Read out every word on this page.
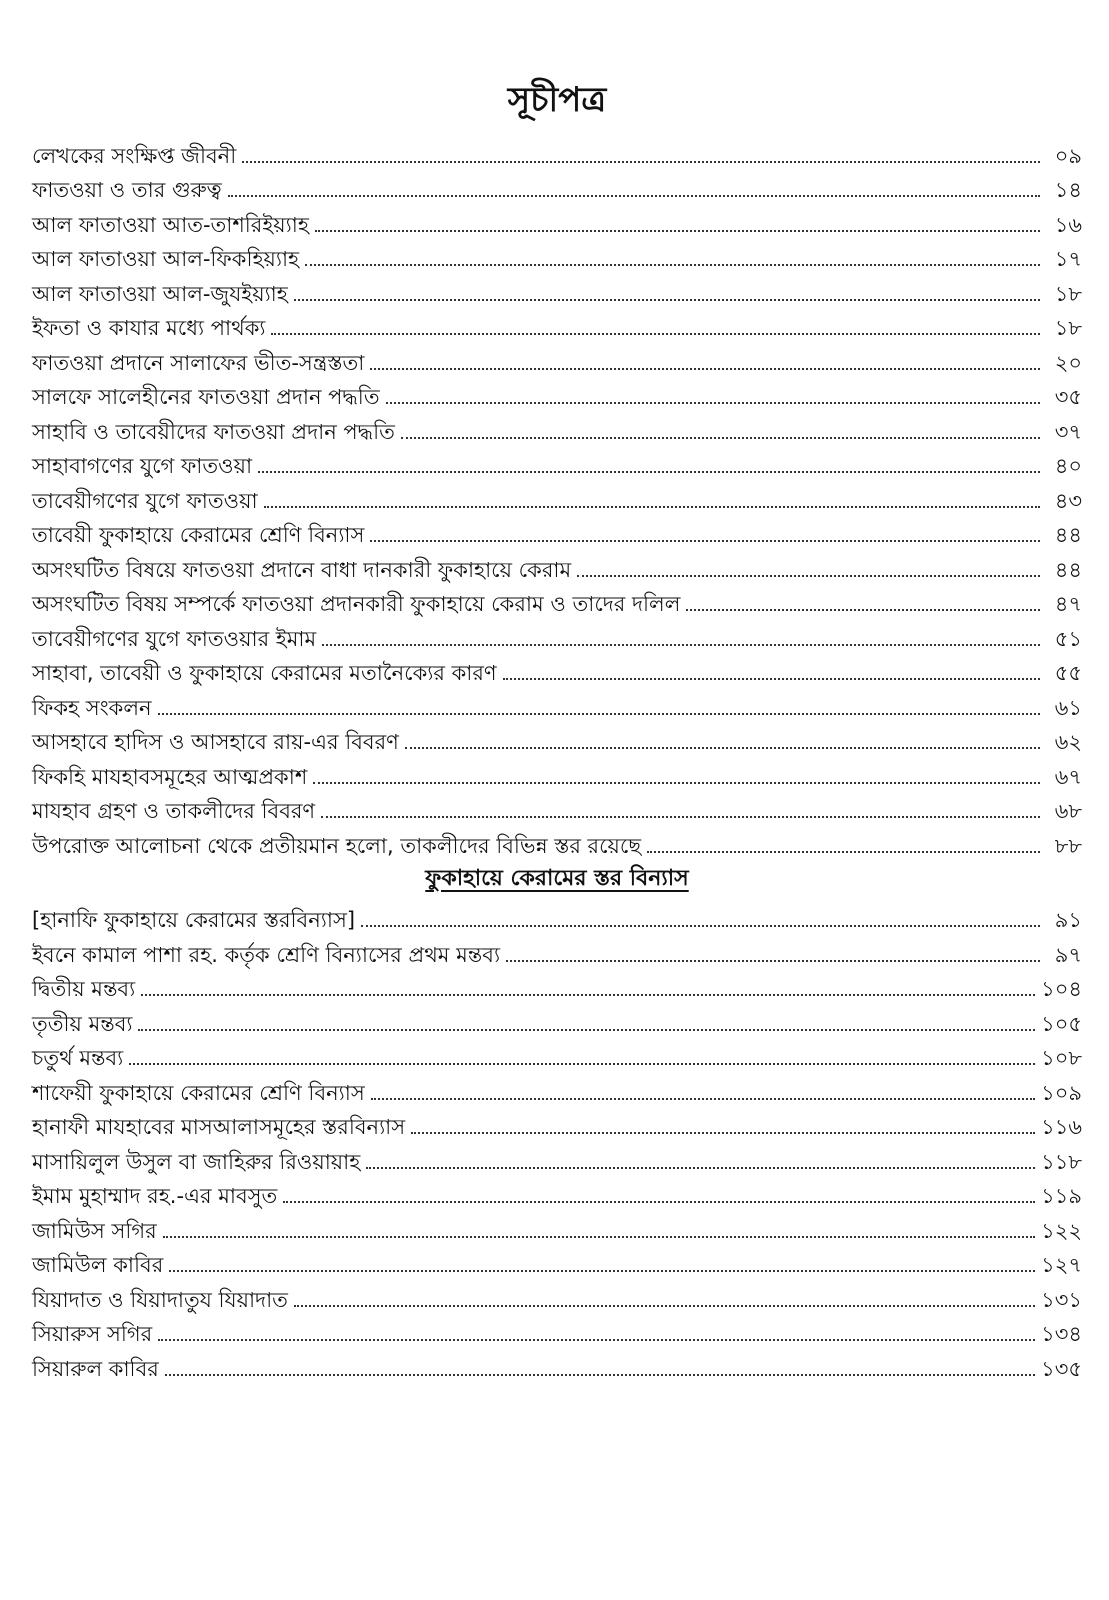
সূচীপত্র
লেখকের সংক্ষিপ্ত জীবনী	০৯
ফাতওয়া ও তার গুরুত্ব	১৪
আল ফাতাওয়া আত-তাশরিইয়্যাহ	১৬
আল ফাতাওয়া আল-ফিকহিয়্যাহ	১৭
আল ফাতাওয়া আল-জুযইয়্যাহ	১৮
ইফতা ও কাযার মধ্যে পার্থক্য	১৮
ফাতওয়া প্রদানে সালাফের ভীত-সন্ত্রস্ততা	২০
সালফে সালেহীনের ফাতওয়া প্রদান পদ্ধতি	৩৫
সাহাবি ও তাবেয়ীদের ফাতওয়া প্রদান পদ্ধতি	৩৭
সাহাবাগণের যুগে ফাতওয়া	৪০
তাবেয়ীগণের যুগে ফাতওয়া	৪৩
তাবেয়ী ফুকাহায়ে কেরামের শ্রেণি বিন্যাস	৪৪
অসংঘটিত বিষয়ে ফাতওয়া প্রদানে বাধা দানকারী ফুকাহায়ে কেরাম	৪৪
অসংঘটিত বিষয় সম্পর্কে ফাতওয়া প্রদানকারী ফুকাহায়ে কেরাম ও তাদের দলিল	৪৭
তাবেয়ীগণের যুগে ফাতওয়ার ইমাম	৫১
সাহাবা, তাবেয়ী ও ফুকাহায়ে কেরামের মতানৈক্যের কারণ	৫৫
ফিকহ সংকলন	৬১
আসহাবে হাদিস ও আসহাবে রায়-এর বিবরণ	৬২
ফিকহি মাযহাবসমূহের আত্মপ্রকাশ	৬৭
মাযহাব গ্রহণ ও তাকলীদের বিবরণ	৬৮
উপরোক্ত আলোচনা থেকে প্রতীয়মান হলো, তাকলীদের বিভিন্ন স্তর রয়েছে	৮৮
ফুকাহায়ে কেরামের স্তর বিন্যাস
[হানাফি ফুকাহায়ে কেরামের স্তরবিন্যাস]	৯১
ইবনে কামাল পাশা রহ. কর্তৃক শ্রেণি বিন্যাসের প্রথম মন্তব্য	৯৭
দ্বিতীয় মন্তব্য	১০৪
তৃতীয় মন্তব্য	১০৫
চতুর্থ মন্তব্য	১০৮
শাফেয়ী ফুকাহায়ে কেরামের শ্রেণি বিন্যাস	১০৯
হানাফী মাযহাবের মাসআলাসমূহের স্তরবিন্যাস	১১৬
মাসায়িলুল উসুল বা জাহিরুর রিওয়ায়াহ	১১৮
ইমাম মুহাম্মাদ রহ.-এর মাবসুত	১১৯
জামিউস সগির	১২২
জামিউল কাবির	১২৭
যিয়াদাত ও যিয়াদাতুয যিয়াদাত	১৩১
সিয়ারুস সগির	১৩৪
সিয়ারুল কাবির	১৩৫
